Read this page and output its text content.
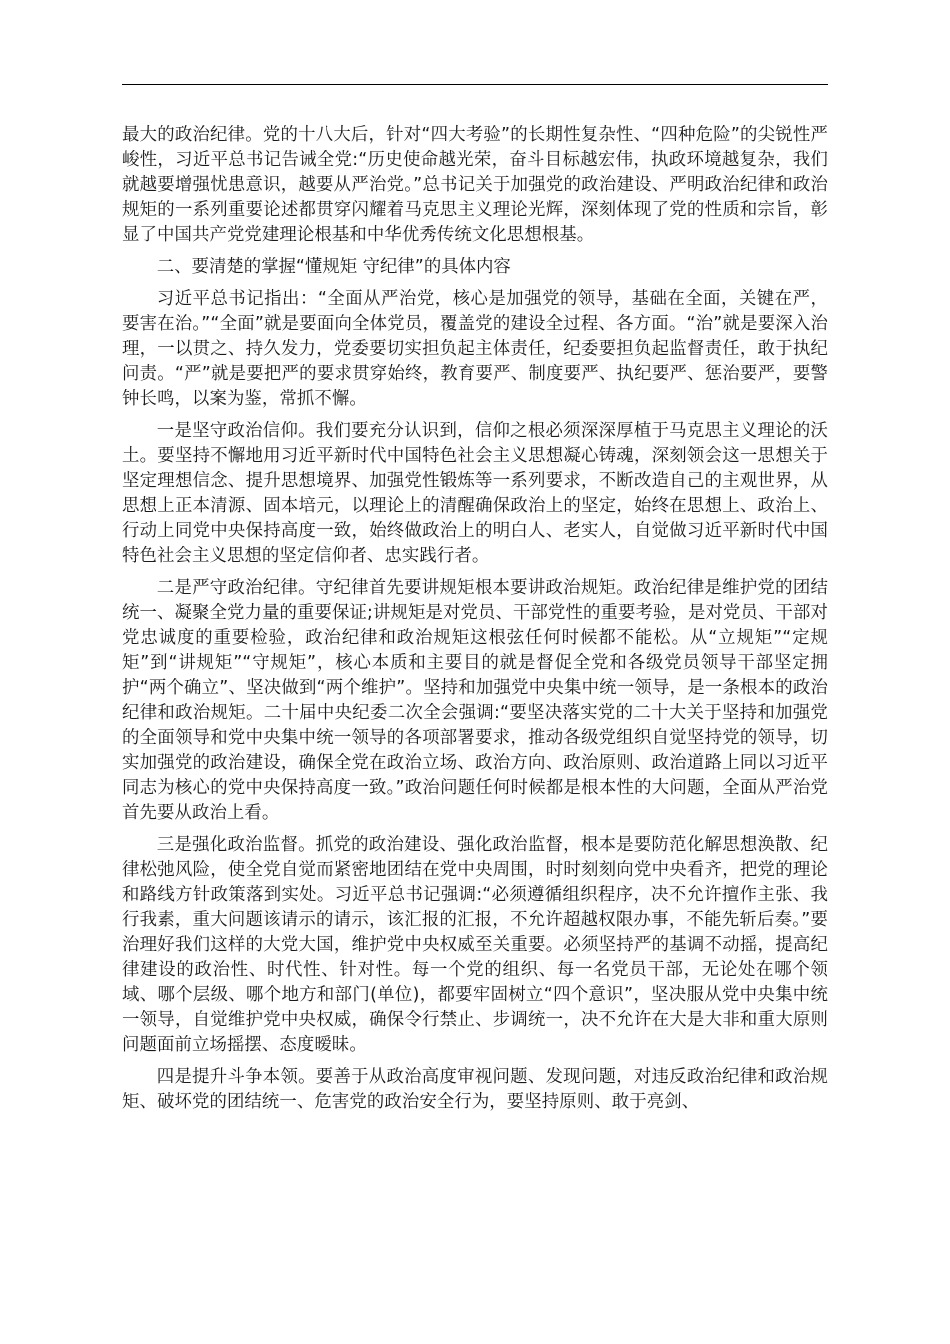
最大的政治纪律。党的十八大后，针对“四大考验”的长期性复杂性、“四种危险”的尖锐性严峻性，习近平总书记告诫全党:“历史使命越光荣，奋斗目标越宏伟，执政环境越复杂，我们就越要增强忧患意识，越要从严治党。”总书记关于加强党的政治建设、严明政治纪律和政治规矩的一系列重要论述都贯穿闪耀着马克思主义理论光辉，深刻体现了党的性质和宗旨，彰显了中国共产党党建理论根基和中华优秀传统文化思想根基。

二、要清楚的掌握“懂规矩 守纪律”的具体内容

习近平总书记指出：“全面从严治党，核心是加强党的领导，基础在全面，关键在严，要害在治。”“全面”就是要面向全体党员，覆盖党的建设全过程、各方面。“治”就是要深入治理，一以贯之、持久发力，党委要切实担负起主体责任，纪委要担负起监督责任，敢于执纪问责。“严”就是要把严的要求贯穿始终，教育要严、制度要严、执纪要严、惩治要严，要警钟长鸣，以案为鉴，常抓不懈。

一是坚守政治信仰。我们要充分认识到，信仰之根必须深深厚植于马克思主义理论的沃土。要坚持不懈地用习近平新时代中国特色社会主义思想凝心铸魂，深刻领会这一思想关于坚定理想信念、提升思想境界、加强党性锻炼等一系列要求，不断改造自己的主观世界，从思想上正本清源、固本培元，以理论上的清醒确保政治上的坚定，始终在思想上、政治上、行动上同党中央保持高度一致，始终做政治上的明白人、老实人，自觉做习近平新时代中国特色社会主义思想的坚定信仰者、忠实践行者。

二是严守政治纪律。守纪律首先要讲规矩根本要讲政治规矩。政治纪律是维护党的团结统一、凝聚全党力量的重要保证;讲规矩是对党员、干部党性的重要考验，是对党员、干部对党忠诚度的重要检验，政治纪律和政治规矩这根弦任何时候都不能松。从“立规矩”“定规矩”到“讲规矩”“守规矩”，核心本质和主要目的就是督促全党和各级党员领导干部坚定拥护“两个确立”、坚决做到“两个维护”。坚持和加强党中央集中统一领导，是一条根本的政治纪律和政治规矩。二十届中央纪委二次全会强调:“要坚决落实党的二十大关于坚持和加强党的全面领导和党中央集中统一领导的各项部署要求，推动各级党组织自觉坚持党的领导，切实加强党的政治建设，确保全党在政治立场、政治方向、政治原则、政治道路上同以习近平同志为核心的党中央保持高度一致。”政治问题任何时候都是根本性的大问题，全面从严治党首先要从政治上看。

三是强化政治监督。抓党的政治建设、强化政治监督，根本是要防范化解思想涣散、纪律松弛风险，使全党自觉而紧密地团结在党中央周围，时时刻刻向党中央看齐，把党的理论和路线方针政策落到实处。习近平总书记强调:“必须遵循组织程序，决不允许擅作主张、我行我素，重大问题该请示的请示，该汇报的汇报，不允许超越权限办事，不能先斩后奏。”要治理好我们这样的大党大国，维护党中央权威至关重要。必须坚持严的基调不动摇，提高纪律建设的政治性、时代性、针对性。每一个党的组织、每一名党员干部，无论处在哪个领域、哪个层级、哪个地方和部门(单位)，都要牢固树立“四个意识”，坚决服从党中央集中统一领导，自觉维护党中央权威，确保令行禁止、步调统一，决不允许在大是大非和重大原则问题面前立场摇摆、态度暧昧。

四是提升斗争本领。要善于从政治高度审视问题、发现问题，对违反政治纪律和政治规矩、破坏党的团结统一、危害党的政治安全行为，要坚持原则、敢于亮剑、
